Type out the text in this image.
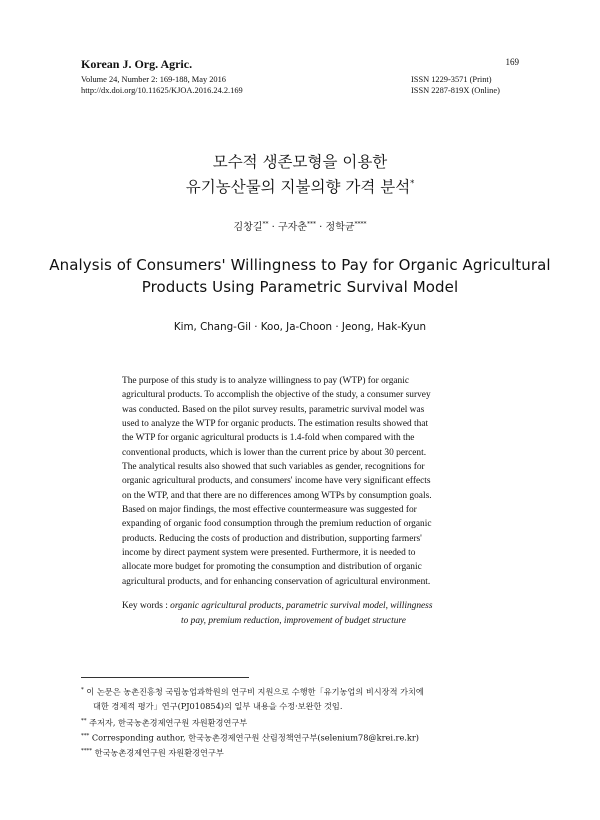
Korean J. Org. Agric.
Volume 24, Number 2: 169-188, May 2016
http://dx.doi.org/10.11625/KJOA.2016.24.2.169
169
ISSN 1229-3571 (Print)
ISSN 2287-819X (Online)
모수적 생존모형을 이용한
유기농산물의 지불의향 가격 분석*
김창길** · 구자춘*** · 정학균****
Analysis of Consumers' Willingness to Pay for Organic Agricultural
Products Using Parametric Survival Model
Kim, Chang-Gil · Koo, Ja-Choon · Jeong, Hak-Kyun
The purpose of this study is to analyze willingness to pay (WTP) for organic
agricultural products. To accomplish the objective of the study, a consumer survey
was conducted. Based on the pilot survey results, parametric survival model was
used to analyze the WTP for organic products. The estimation results showed that
the WTP for organic agricultural products is 1.4-fold when compared with the
conventional products, which is lower than the current price by about 30 percent.
The analytical results also showed that such variables as gender, recognitions for
organic agricultural products, and consumers' income have very significant effects
on the WTP, and that there are no differences among WTPs by consumption goals.
Based on major findings, the most effective countermeasure was suggested for
expanding of organic food consumption through the premium reduction of organic
products. Reducing the costs of production and distribution, supporting farmers'
income by direct payment system were presented. Furthermore, it is needed to
allocate more budget for promoting the consumption and distribution of organic
agricultural products, and for enhancing conservation of agricultural environment.
Key words : organic agricultural products, parametric survival model, willingness
to pay, premium reduction, improvement of budget structure
* 이 논문은 농촌진흥청 국립농업과학원의 연구비 지원으로 수행한「유기농업의 비시장적 가치에
대한 경제적 평가」연구(PJ010854)의 일부 내용을 수정·보완한 것임.
** 주저자, 한국농촌경제연구원 자원환경연구부
*** Corresponding author, 한국농촌경제연구원 산림정책연구부(selenium78@krei.re.kr)
**** 한국농촌경제연구원 자원환경연구부
